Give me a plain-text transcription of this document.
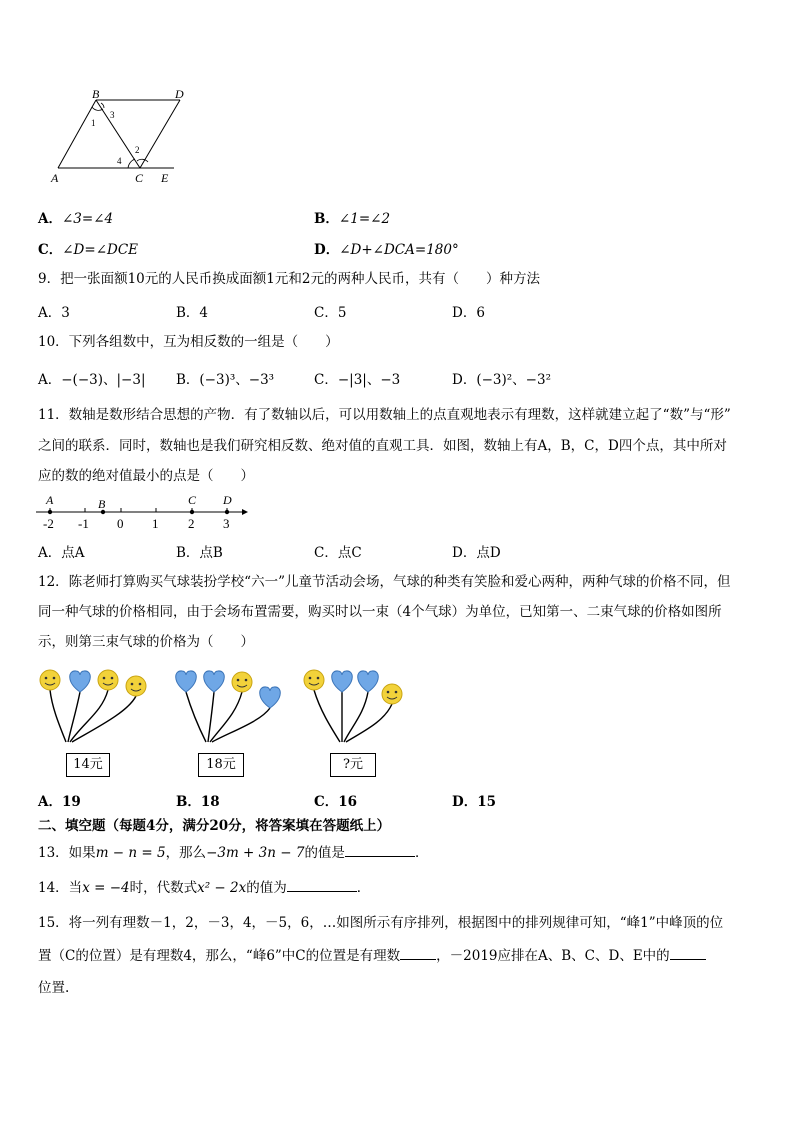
B	D
A	C E
1
3
4
2
A．∠3=∠4	B．∠1=∠2
C．∠D=∠DCE	D．∠D+∠DCA=180°
9．把一张面额10元的人民币换成面额1元和2元的两种人民币，共有（　　）种方法
A．3	B．4	C．5	D．6
10．下列各组数中，互为相反数的一组是（　　）
A．−(−3)、|−3| B．(−3)³、−3³	C．−|3|、−3	D．(−3)²、−3²
11．数轴是数形结合思想的产物．有了数轴以后，可以用数轴上的点直观地表示有理数，这样就建立起了“数”与“形”
之间的联系．同时，数轴也是我们研究相反数、绝对值的直观工具．如图，数轴上有A，B，C，D四个点，其中所对
应的数的绝对值最小的点是（　　）
A	B	C D
-2 -1 0 1 2 3
A．点A	B．点B	C．点C	D．点D
12．陈老师打算购买气球装扮学校“六一”儿童节活动会场，气球的种类有笑脸和爱心两种，两种气球的价格不同，但
同一种气球的价格相同，由于会场布置需要，购买时以一束（4个气球）为单位，已知第一、二束气球的价格如图所
示，则第三束气球的价格为（　　）
14元	18元	?元
A．19	B．18	C．16	D．15
二、填空题（每题4分，满分20分，将答案填在答题纸上）
13．如果m − n = 5，那么−3m + 3n − 7的值是	．
14．当x = −4时，代数式x² − 2x的值为	．
15．将一列有理数－1，2，－3，4，－5，6，…如图所示有序排列，根据图中的排列规律可知，“峰1”中峰顶的位
置（C的位置）是有理数4，那么，“峰6”中C的位置是有理数	，－2019应排在A、B、C、D、E中的
位置.
